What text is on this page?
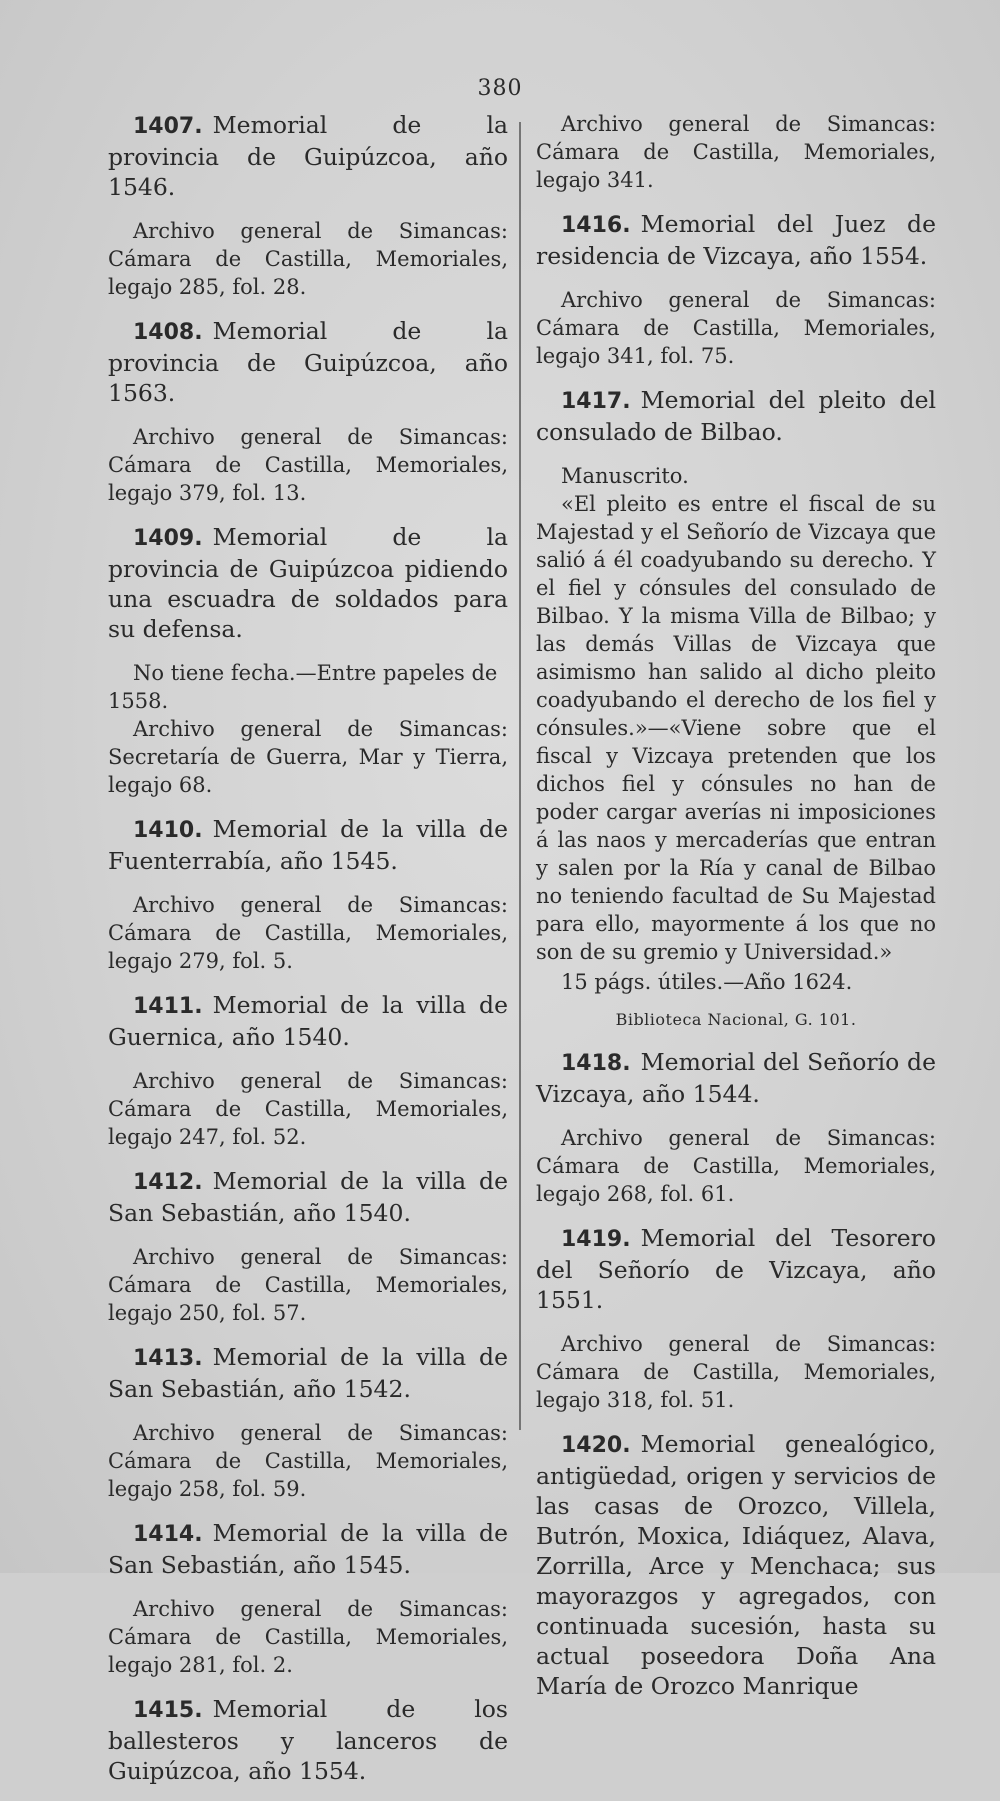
380

1407. Memorial de la provincia de Guipúzcoa, año 1546.

Archivo general de Simancas: Cámara de Castilla, Memoriales, legajo 285, fol. 28.

1408. Memorial de la provincia de Guipúzcoa, año 1563.

Archivo general de Simancas: Cámara de Castilla, Memoriales, legajo 379, fol. 13.

1409. Memorial de la provincia de Guipúzcoa pidiendo una escuadra de soldados para su defensa.

No tiene fecha.—Entre papeles de 1558.

Archivo general de Simancas: Secretaría de Guerra, Mar y Tierra, legajo 68.

1410. Memorial de la villa de Fuenterrabía, año 1545.

Archivo general de Simancas: Cámara de Castilla, Memoriales, legajo 279, fol. 5.

1411. Memorial de la villa de Guernica, año 1540.

Archivo general de Simancas: Cámara de Castilla, Memoriales, legajo 247, fol. 52.

1412. Memorial de la villa de San Sebastián, año 1540.

Archivo general de Simancas: Cámara de Castilla, Memoriales, legajo 250, fol. 57.

1413. Memorial de la villa de San Sebastián, año 1542.

Archivo general de Simancas: Cámara de Castilla, Memoriales, legajo 258, fol. 59.

1414. Memorial de la villa de San Sebastián, año 1545.

Archivo general de Simancas: Cámara de Castilla, Memoriales, legajo 281, fol. 2.

1415. Memorial de los ballesteros y lanceros de Guipúzcoa, año 1554.

Archivo general de Simancas: Cámara de Castilla, Memoriales, legajo 341.

1416. Memorial del Juez de residencia de Vizcaya, año 1554.

Archivo general de Simancas: Cámara de Castilla, Memoriales, legajo 341, fol. 75.

1417. Memorial del pleito del consulado de Bilbao.

Manuscrito.

«El pleito es entre el fiscal de su Majestad y el Señorío de Vizcaya que salió á él coadyubando su derecho. Y el fiel y cónsules del consulado de Bilbao. Y la misma Villa de Bilbao; y las demás Villas de Vizcaya que asimismo han salido al dicho pleito coadyubando el derecho de los fiel y cónsules.»—«Viene sobre que el fiscal y Vizcaya pretenden que los dichos fiel y cónsules no han de poder cargar averías ni imposiciones á las naos y mercaderías que entran y salen por la Ría y canal de Bilbao no teniendo facultad de Su Majestad para ello, mayormente á los que no son de su gremio y Universidad.»

15 págs. útiles.—Año 1624.

Biblioteca Nacional, G. 101.

1418. Memorial del Señorío de Vizcaya, año 1544.

Archivo general de Simancas: Cámara de Castilla, Memoriales, legajo 268, fol. 61.

1419. Memorial del Tesorero del Señorío de Vizcaya, año 1551.

Archivo general de Simancas: Cámara de Castilla, Memoriales, legajo 318, fol. 51.

1420. Memorial genealógico, antigüedad, origen y servicios de las casas de Orozco, Villela, Butrón, Moxica, Idiáquez, Alava, Zorrilla, Arce y Menchaca; sus mayorazgos y agregados, con continuada sucesión, hasta su actual poseedora Doña Ana María de Orozco Manrique
